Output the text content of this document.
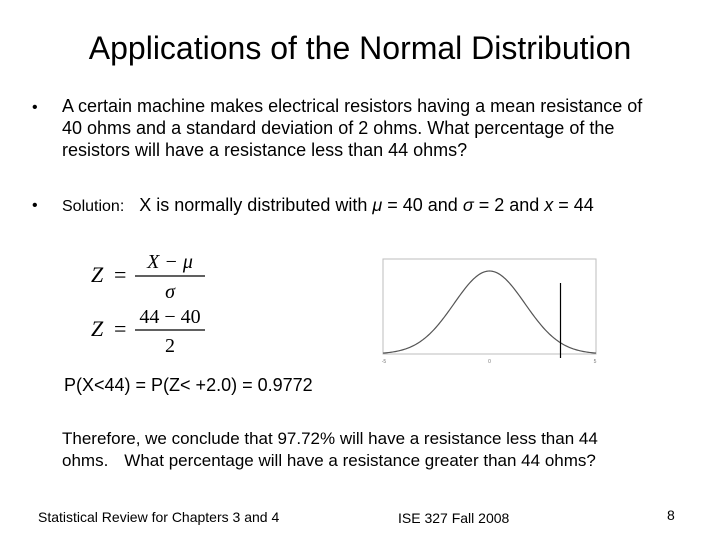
Applications of the Normal Distribution
• A certain machine makes electrical resistors having a mean resistance of 40 ohms and a standard deviation of 2 ohms. What percentage of the resistors will have a resistance less than 44 ohms?
• Solution: X is normally distributed with μ = 40 and σ = 2 and x = 44
Z = X − μ
σ
Z = 44 − 40
2
-5	0	5
P(X<44) = P(Z< +2.0) = 0.9772
Therefore, we conclude that 97.72% will have a resistance less than 44
ohms. What percentage will have a resistance greater than 44 ohms?
Statistical Review for Chapters 3 and 4	ISE 327 Fall 2008	8
